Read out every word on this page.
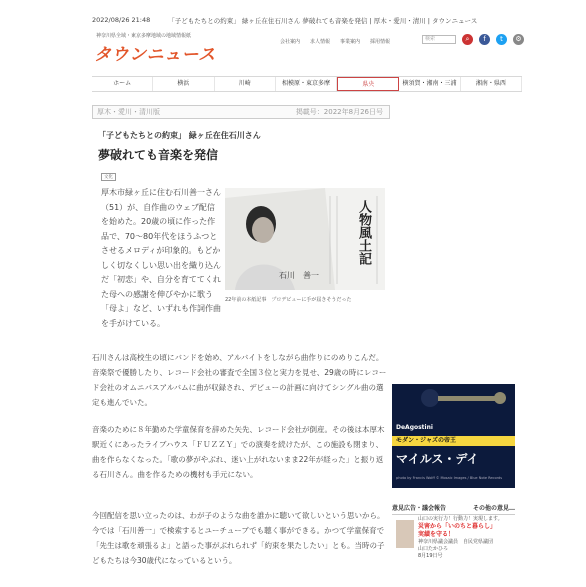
2022/08/26 21:48	「子どもたちとの約束」 緑ヶ丘在住石川さん 夢破れても音楽を発信 | 厚木・愛川・清川 | タウンニュース
神奈川県全域・東京多摩地域の地域情報紙
タウンニュース
会社案内 求人情報 事業案内 採用情報	検索	⌕	f	t	⚙
ホーム	横浜	川崎	相模原・東京多摩	県央	横須賀・湘南・三浦	湘南・県西
厚木・愛川・清川版	掲載号：2022年8月26日号
「子どもたちとの約束」 緑ヶ丘在住石川さん
夢破れても音楽を発信
文化
厚木市緑ヶ丘に住む石川善一さん（51）が、自作曲のウェブ配信を始めた。20歳の頃に作った作品で、70〜80年代をほうふつとさせるメロディが印象的。もどかしく切なくしい思い出を織り込んだ「初恋」や、自分を育ててくれた母への感謝を伸びやかに歌う「母よ」など、いずれも作詞作曲を手がけている。
人物風土記
石川　善一
22年前の本紙記事　プロデビューに手が届きそうだった
石川さんは高校生の頃にバンドを始め、アルバイトをしながら曲作りにのめりこんだ。音楽祭で優勝したり、レコード会社の審査で全国３位と実力を見せ、29歳の時にレコード会社のオムニバスアルバムに曲が収録され、デビューの計画に向けてシングル曲の選定も進んでいた。
音楽のために８年勤めた学童保育を辞めた矢先、レコード会社が倒産。その後は本厚木駅近くにあったライブハウス「ＦＵＺＺＹ」での演奏を続けたが、この施設も閉まり、曲を作らなくなった。「歌の夢がやぶれ、迷い上がれないまま22年が経った」と振り返る石川さん。曲を作るための機材も手元にない。
今回配信を思い立ったのは、わが子のような曲を誰かに聴いて欲しいという思いから。今では「石川善一」で検索するとユーチューブでも聴く事ができる。かつて学童保育で「先生は歌を頑張るよ」と語った事がぶれられず「約束を果たしたい」とも。当時の子どもたちは今30歳代になっているという。
DeAgostini
モダン・ジャズの帝王
マイルス・デイ
photo by Francis Wolff © Mosaic Images / Blue Note Records
意見広告・議会報告	その他の意見…
山口の実行力！行動力！実現します。
災害から「いのちと暮らし」
実績を守る！
神奈川県議会議員　自民党県議団
山口たかひろ
8月19日号
